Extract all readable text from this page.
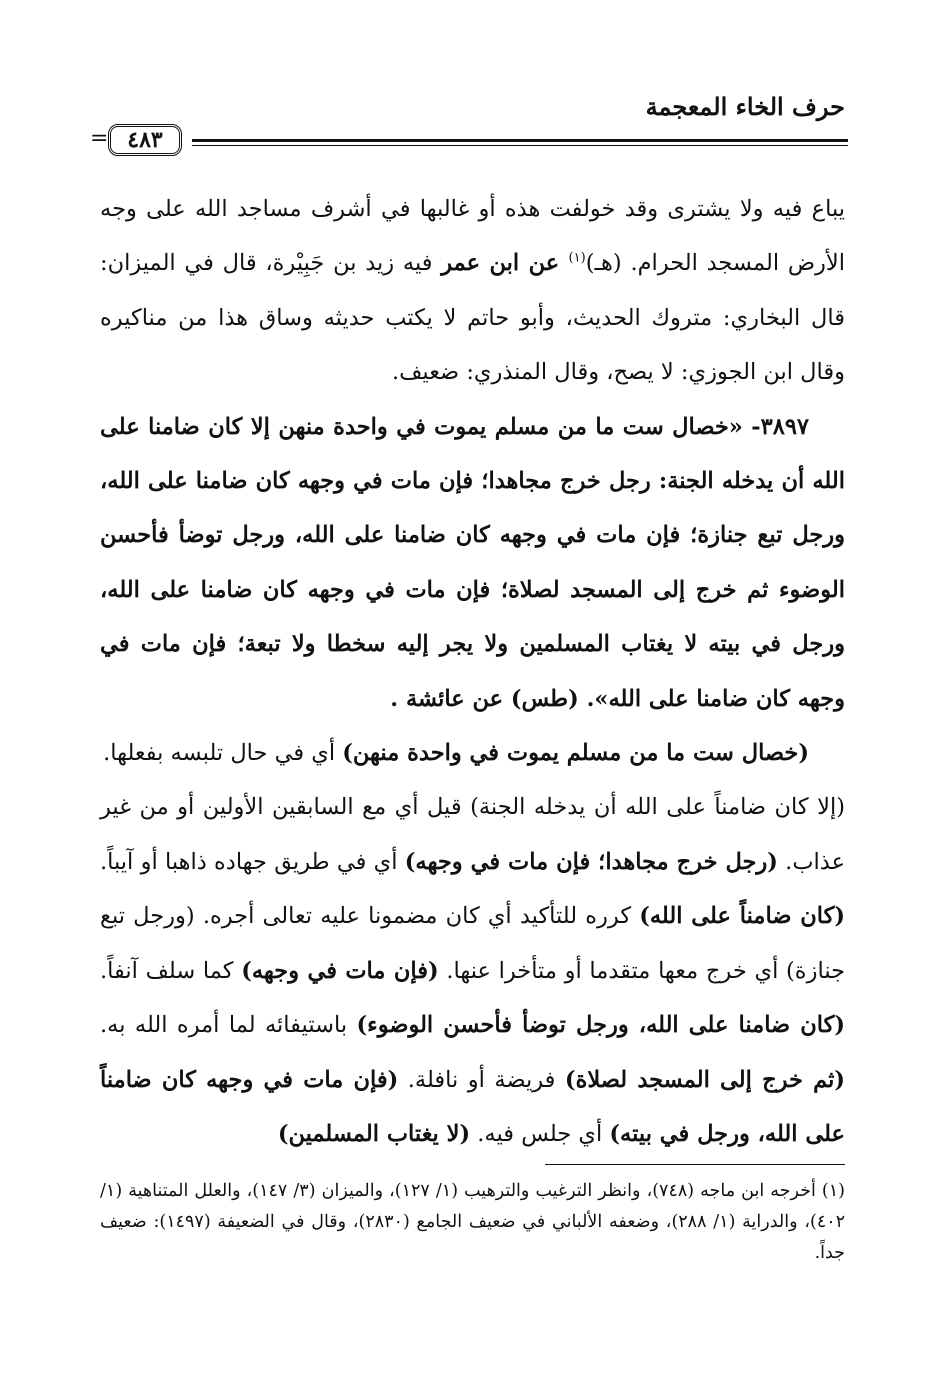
حرف الخاء المعجمة
= ٤٨٣

يباع فيه ولا يشترى وقد خولفت هذه أو غالبها في أشرف مساجد الله على وجه الأرض المسجد الحرام. (هـ)$^{(١)}$ عن ابن عمر فيه زيد بن جَبِيْرة، قال في الميزان: قال البخاري: متروك الحديث، وأبو حاتم لا يكتب حديثه وساق هذا من مناكيره وقال ابن الجوزي: لا يصح، وقال المنذري: ضعيف.

٣٨٩٧- «خصال ست ما من مسلم يموت في واحدة منهن إلا كان ضامنا على الله أن يدخله الجنة: رجل خرج مجاهدا؛ فإن مات في وجهه كان ضامنا على الله، ورجل تبع جنازة؛ فإن مات في وجهه كان ضامنا على الله، ورجل توضأ فأحسن الوضوء ثم خرج إلى المسجد لصلاة؛ فإن مات في وجهه كان ضامنا على الله، ورجل في بيته لا يغتاب المسلمين ولا يجر إليه سخطا ولا تبعة؛ فإن مات في وجهه كان ضامنا على الله». (طس) عن عائشة .

(خصال ست ما من مسلم يموت في واحدة منهن) أي في حال تلبسه بفعلها.

(إلا كان ضامناً على الله أن يدخله الجنة) قيل أي مع السابقين الأولين أو من غير عذاب. (رجل خرج مجاهدا؛ فإن مات في وجهه) أي في طريق جهاده ذاهبا أو آيباً. (كان ضامناً على الله) كرره للتأكيد أي كان مضمونا عليه تعالى أجره. (ورجل تبع جنازة) أي خرج معها متقدما أو متأخرا عنها. (فإن مات في وجهه) كما سلف آنفاً. (كان ضامنا على الله، ورجل توضأ فأحسن الوضوء) باستيفائه لما أمره الله به. (ثم خرج إلى المسجد لصلاة) فريضة أو نافلة. (فإن مات في وجهه كان ضامناً على الله، ورجل في بيته) أي جلس فيه. (لا يغتاب المسلمين)

(١) أخرجه ابن ماجه (٧٤٨)، وانظر الترغيب والترهيب (١/ ١٢٧)، والميزان (٣/ ١٤٧)، والعلل المتناهية (١/ ٤٠٢)، والدراية (١/ ٢٨٨)، وضعفه الألباني في ضعيف الجامع (٢٨٣٠)، وقال في الضعيفة (١٤٩٧): ضعيف جداً.
